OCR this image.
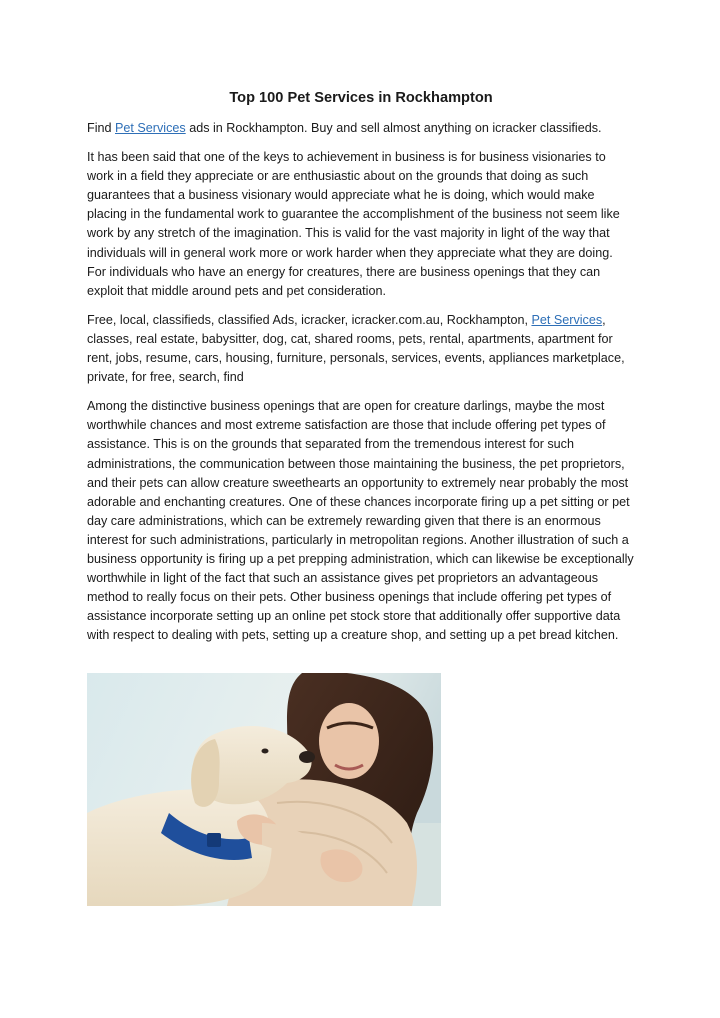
Top 100 Pet Services in Rockhampton

Find Pet Services ads in Rockhampton. Buy and sell almost anything on icracker classifieds.

It has been said that one of the keys to achievement in business is for business visionaries to work in a field they appreciate or are enthusiastic about on the grounds that doing as such guarantees that a business visionary would appreciate what he is doing, which would make placing in the fundamental work to guarantee the accomplishment of the business not seem like work by any stretch of the imagination. This is valid for the vast majority in light of the way that individuals will in general work more or work harder when they appreciate what they are doing. For individuals who have an energy for creatures, there are business openings that they can exploit that middle around pets and pet consideration.

Free, local, classifieds, classified Ads, icracker, icracker.com.au, Rockhampton, Pet Services, classes, real estate, babysitter, dog, cat, shared rooms, pets, rental, apartments, apartment for rent, jobs, resume, cars, housing, furniture, personals, services, events, appliances marketplace, private, for free, search, find

Among the distinctive business openings that are open for creature darlings, maybe the most worthwhile chances and most extreme satisfaction are those that include offering pet types of assistance. This is on the grounds that separated from the tremendous interest for such administrations, the communication between those maintaining the business, the pet proprietors, and their pets can allow creature sweethearts an opportunity to extremely near probably the most adorable and enchanting creatures. One of these chances incorporate firing up a pet sitting or pet day care administrations, which can be extremely rewarding given that there is an enormous interest for such administrations, particularly in metropolitan regions. Another illustration of such a business opportunity is firing up a pet prepping administration, which can likewise be exceptionally worthwhile in light of the fact that such an assistance gives pet proprietors an advantageous method to really focus on their pets. Other business openings that include offering pet types of assistance incorporate setting up an online pet stock store that additionally offer supportive data with respect to dealing with pets, setting up a creature shop, and setting up a pet bread kitchen.
